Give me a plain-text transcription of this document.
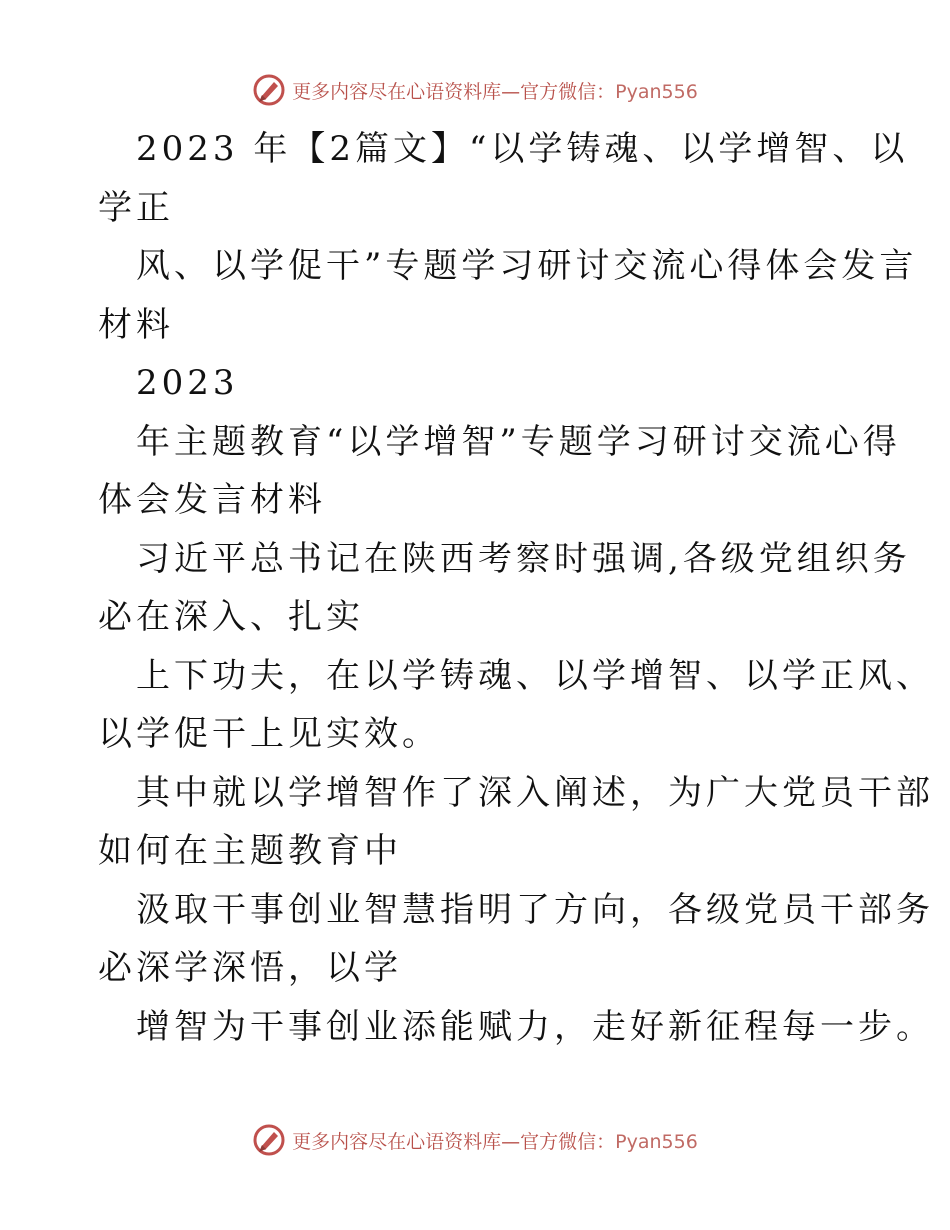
更多内容尽在心语资料库—官方微信：Pyan556
2023 年【2篇文】“以学铸魂、以学增智、以
学正
风、以学促干”专题学习研讨交流心得体会发言
材料
2023
年主题教育“以学增智”专题学习研讨交流心得
体会发言材料
习近平总书记在陕西考察时强调,各级党组织务
必在深入、扎实
上下功夫，在以学铸魂、以学增智、以学正风、
以学促干上见实效。
其中就以学增智作了深入阐述，为广大党员干部
如何在主题教育中
汲取干事创业智慧指明了方向，各级党员干部务
必深学深悟，以学
增智为干事创业添能赋力，走好新征程每一步。
更多内容尽在心语资料库—官方微信：Pyan556
